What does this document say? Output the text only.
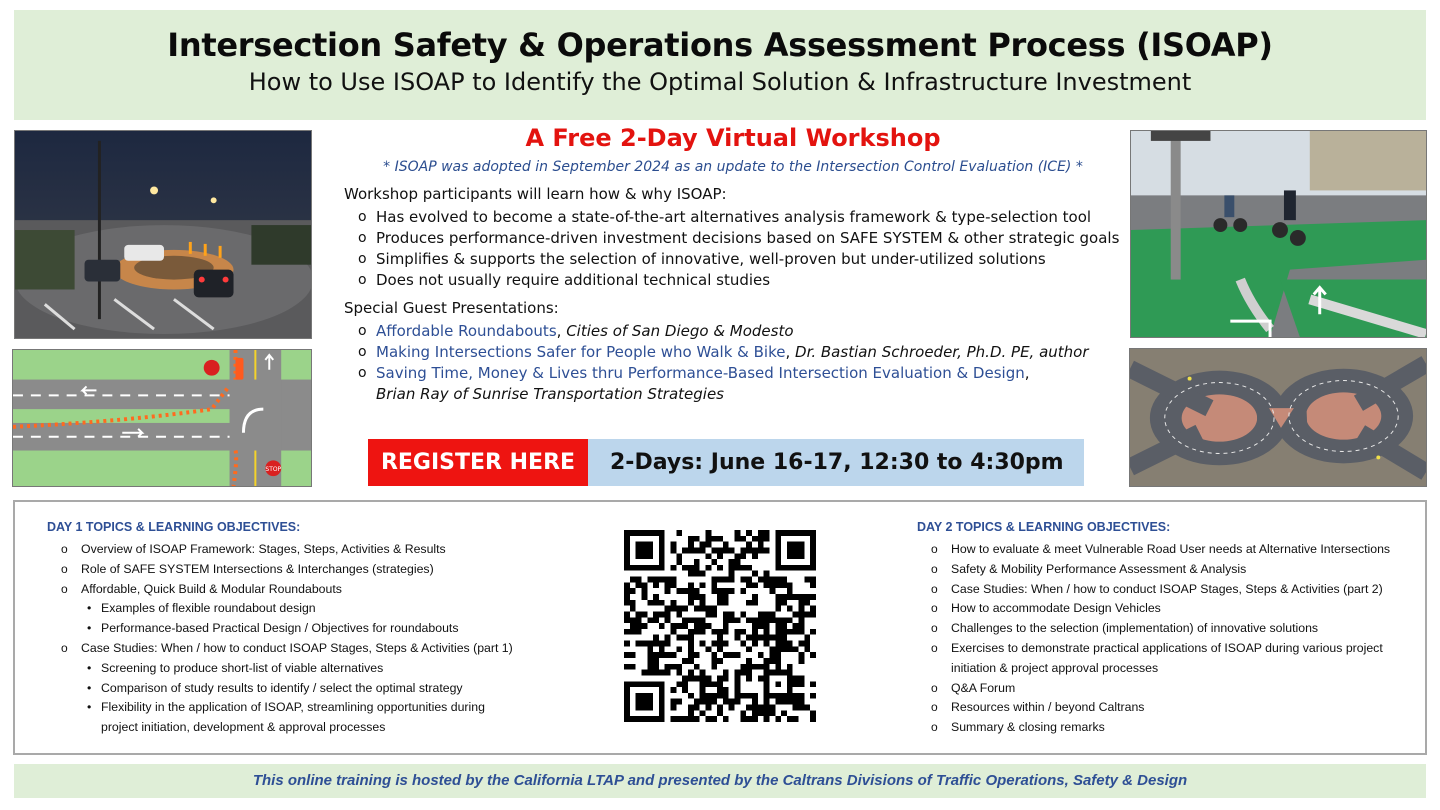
Intersection Safety & Operations Assessment Process (ISOAP)
How to Use ISOAP to Identify the Optimal Solution & Infrastructure Investment
STOP
A Free 2-Day Virtual Workshop
* ISOAP was adopted in September 2024 as an update to the Intersection Control Evaluation (ICE) *
Workshop participants will learn how & why ISOAP:
o Has evolved to become a state-of-the-art alternatives analysis framework & type-selection tool
o Produces performance-driven investment decisions based on SAFE SYSTEM & other strategic goals
o Simplifies & supports the selection of innovative, well-proven but under-utilized solutions
o Does not usually require additional technical studies
Special Guest Presentations:
o Affordable Roundabouts, Cities of San Diego & Modesto
o Making Intersections Safer for People who Walk & Bike, Dr. Bastian Schroeder, Ph.D. PE, author
o Saving Time, Money & Lives thru Performance-Based Intersection Evaluation & Design,
Brian Ray of Sunrise Transportation Strategies
REGISTER HERE	2-Days: June 16-17, 12:30 to 4:30pm
DAY 1 TOPICS & LEARNING OBJECTIVES:
o Overview of ISOAP Framework: Stages, Steps, Activities & Results
o Role of SAFE SYSTEM Intersections & Interchanges (strategies)
o Affordable, Quick Build & Modular Roundabouts
• Examples of flexible roundabout design
• Performance-based Practical Design / Objectives for roundabouts
o Case Studies: When / how to conduct ISOAP Stages, Steps & Activities (part 1)
• Screening to produce short-list of viable alternatives
• Comparison of study results to identify / select the optimal strategy
• Flexibility in the application of ISOAP, streamlining opportunities during
project initiation, development & approval processes
DAY 2 TOPICS & LEARNING OBJECTIVES:
o How to evaluate & meet Vulnerable Road User needs at Alternative Intersections
o Safety & Mobility Performance Assessment & Analysis
o Case Studies: When / how to conduct ISOAP Stages, Steps & Activities (part 2)
o How to accommodate Design Vehicles
o Challenges to the selection (implementation) of innovative solutions
o Exercises to demonstrate practical applications of ISOAP during various project
initiation & project approval processes
o Q&A Forum
o Resources within / beyond Caltrans
o Summary & closing remarks
This online training is hosted by the California LTAP and presented by the Caltrans Divisions of Traffic Operations, Safety & Design
